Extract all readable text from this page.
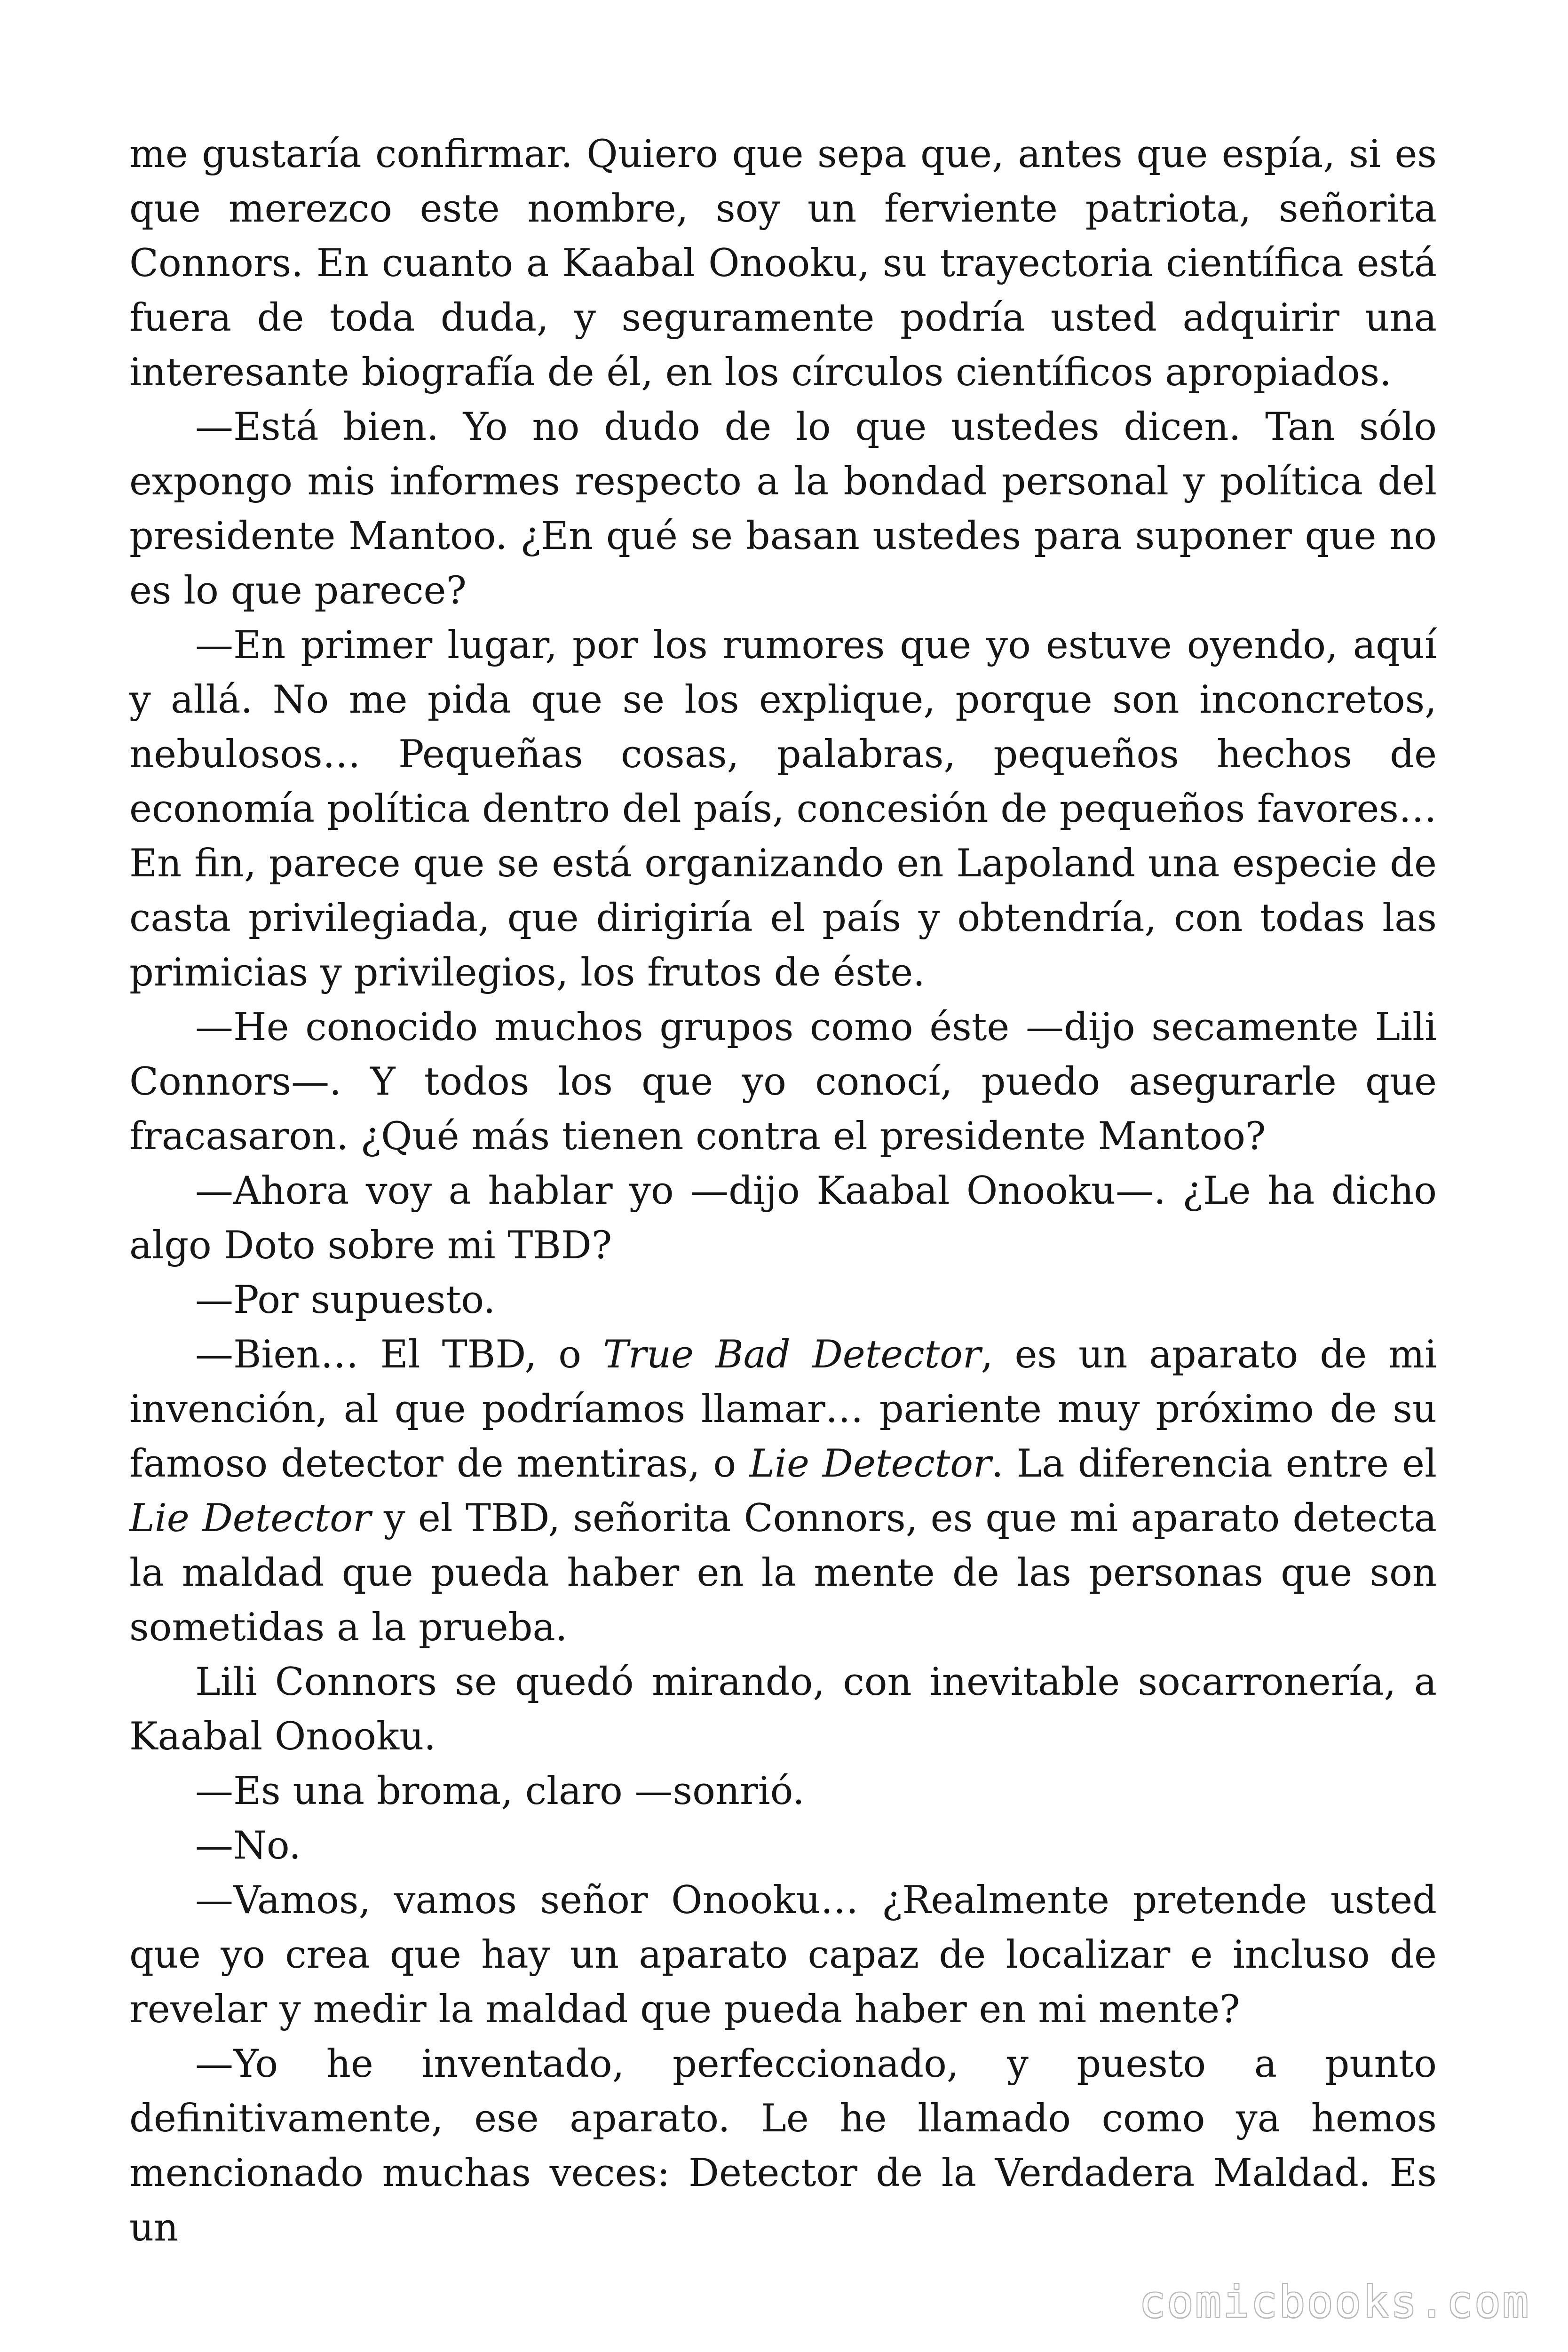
me gustaría confirmar. Quiero que sepa que, antes que espía, si es que merezco este nombre, soy un ferviente patriota, señorita Connors. En cuanto a Kaabal Onooku, su trayectoria científica está fuera de toda duda, y seguramente podría usted adquirir una interesante biografía de él, en los círculos científicos apropiados.

—Está bien. Yo no dudo de lo que ustedes dicen. Tan sólo expongo mis informes respecto a la bondad personal y política del presidente Mantoo. ¿En qué se basan ustedes para suponer que no es lo que parece?

—En primer lugar, por los rumores que yo estuve oyendo, aquí y allá. No me pida que se los explique, porque son inconcretos, nebulosos… Pequeñas cosas, palabras, pequeños hechos de economía política dentro del país, concesión de pequeños favores… En fin, parece que se está organizando en Lapoland una especie de casta privilegiada, que dirigiría el país y obtendría, con todas las primicias y privilegios, los frutos de éste.

—He conocido muchos grupos como éste —dijo secamente Lili Connors—. Y todos los que yo conocí, puedo asegurarle que fracasaron. ¿Qué más tienen contra el presidente Mantoo?

—Ahora voy a hablar yo —dijo Kaabal Onooku—. ¿Le ha dicho algo Doto sobre mi TBD?

—Por supuesto.

—Bien… El TBD, o True Bad Detector, es un aparato de mi invención, al que podríamos llamar… pariente muy próximo de su famoso detector de mentiras, o Lie Detector. La diferencia entre el Lie Detector y el TBD, señorita Connors, es que mi aparato detecta la maldad que pueda haber en la mente de las personas que son sometidas a la prueba.

Lili Connors se quedó mirando, con inevitable socarronería, a Kaabal Onooku.

—Es una broma, claro —sonrió.

—No.

—Vamos, vamos señor Onooku… ¿Realmente pretende usted que yo crea que hay un aparato capaz de localizar e incluso de revelar y medir la maldad que pueda haber en mi mente?

—Yo he inventado, perfeccionado, y puesto a punto definitivamente, ese aparato. Le he llamado como ya hemos mencionado muchas veces: Detector de la Verdadera Maldad. Es un

comicbooks.com
